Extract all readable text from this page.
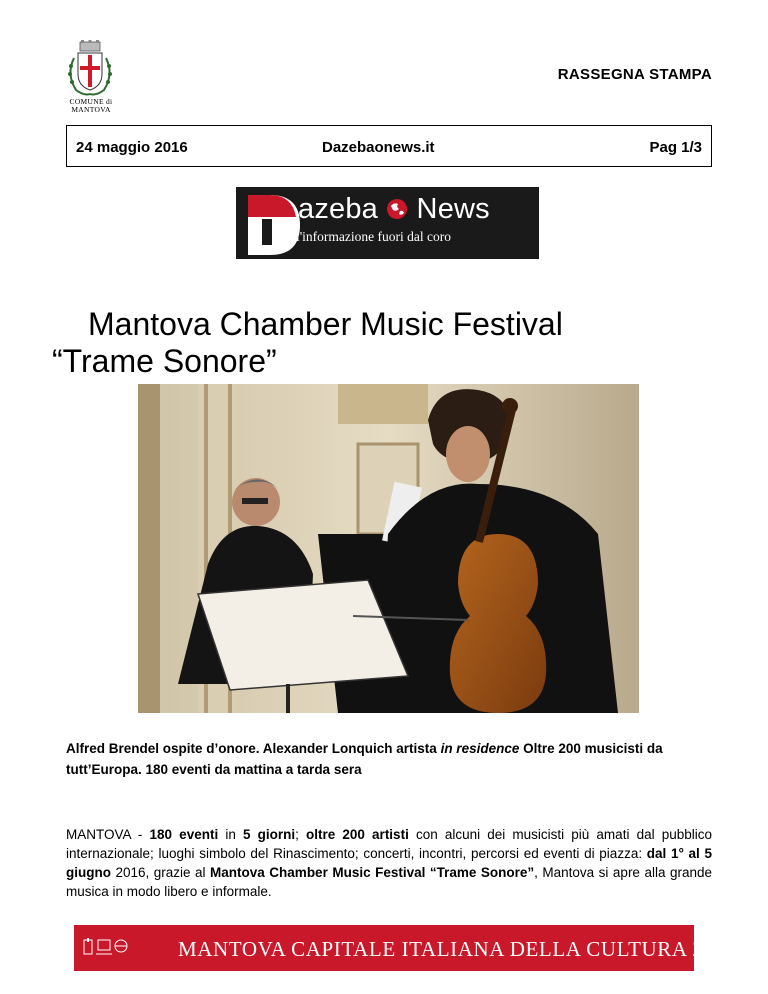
COMUNE di
MANTOVA
RASSEGNA STAMPA
24 maggio 2016	Dazebaonews.it	Pag 1/3
azeba News
l'informazione fuori dal coro
Mantova Chamber Music Festival
“Trame Sonore”
Alfred Brendel ospite d’onore. Alexander Lonquich artista in residence Oltre 200 musicisti da tutt’Europa. 180 eventi da mattina a tarda sera
MANTOVA - 180 eventi in 5 giorni; oltre 200 artisti con alcuni dei musicisti più amati dal pubblico internazionale; luoghi simbolo del Rinascimento; concerti, incontri, percorsi ed eventi di piazza: dal 1° al 5 giugno 2016, grazie al Mantova Chamber Music Festival “Trame Sonore”, Mantova si apre alla grande musica in modo libero e informale.
MANTOVA CAPITALE ITALIANA DELLA CULTURA 2016
